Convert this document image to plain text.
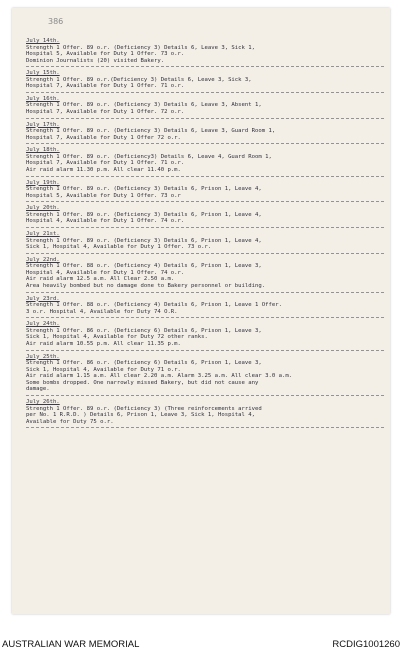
386
July 14th.
Strength 1 Offer. 89 o.r. (Deficiency 3) Details 6, Leave 3, Sick 1,
Hospital 5, Available for Duty 1 Offer. 73 o.r.
Dominion Journalists (20) visited Bakery.
July 15th.
Strength 1 Offer. 89 o.r.(Deficiency 3) Details 6, Leave 3, Sick 3,
Hospital 7, Available for Duty 1 Offer. 71 o.r.
July 16th.
Strength 1 Offer. 89 o.r. (Deficiency 3) Details 6, Leave 3, Absent 1,
Hospital 7, Available for Duty 1 Offer. 72 o.r.
July 17th.
Strength 1 Offer. 89 o.r. (Deficiency 3) Details 6, Leave 3, Guard Room 1,
Hospital 7, Available for Duty 1 Offer 72 o.r.
July 18th.
Strength 1 Offer. 89 o.r. (Deficiency3) Details 6, Leave 4, Guard Room 1,
Hospital 7, Available for Duty 1 Offer. 71 o.r.
Air raid alarm 11.30 p.m. All clear 11.40 p.m.
July 19th.
Strength 1 Offer. 89 o.r. (Deficiency 3) Details 6, Prison 1, Leave 4,
Hospital 5, Available for Duty 1 Offer. 73 o.r
July 20th.
Strength 1 Offer. 89 o.r. (Deficiency 3) Details 6, Prison 1, Leave 4,
Hospital 4, Available for Duty 1 Offer. 74 o.r.
July 21st.
Strength 1 Offer. 89 o.r. (Deficiency 3) Details 6, Prison 1, Leave 4,
Sick 1, Hospital 4, Available for Duty 1 Offer. 73 o.r.
July 22nd.
Strength 1 Offer. 88 o.r. (Deficiency 4) Details 6, Prison 1, Leave 3,
Hospital 4, Available for Duty 1 Offer. 74 o.r.
Air raid alarm 12.5 a.m. All Clear 2.50 a.m.
Area heavily bombed but no damage done to Bakery personnel or building.
July 23rd.
Strength 1 Offer. 88 o.r. (Deficiency 4) Details 6, Prison 1, Leave 1 Offer.
3 o.r. Hospital 4, Available for Duty 74 O.R.
July 24th.
Strength 1 Offer. 86 o.r. (Deficiency 6) Details 6, Prison 1, Leave 3,
Sick 1, Hospital 4, Available for Duty 72 other ranks.
Air raid alarm 10.55 p.m. All clear 11.35 p.m.
July 25th.
Strength 1 Offer. 86 o.r. (Deficiency 6) Details 6, Prison 1, Leave 3,
Sick 1, Hospital 4, Available for Duty 71 o.r.
Air raid alarm 1.15 a.m. All clear 2.20 a.m. Alarm 3.25 a.m. All clear 3.0 a.m.
Some bombs dropped. One narrowly missed Bakery, but did not cause any
damage.
July 26th.
Strength 1 Offer. 89 o.r. (Deficiency 3) (Three reinforcements arrived
per No. 1 R.R.D. ) Details 6, Prison 1, Leave 3, Sick 1, Hospital 4,
Available for Duty 75 o.r.
AUSTRALIAN WAR MEMORIAL	RCDIG1001260
